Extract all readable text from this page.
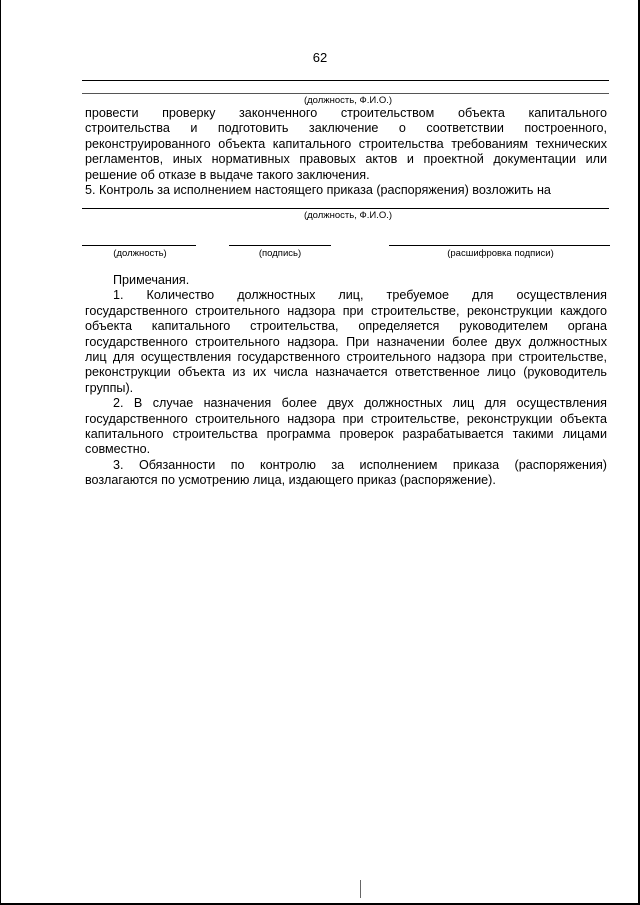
62
(должность, Ф.И.О.)

провести проверку законченного строительством объекта капитального

строительства и подготовить заключение о соответствии построенного,

реконструированного объекта капитального строительства требованиям технических

регламентов, иных нормативных правовых актов и проектной документации или

решение об отказе в выдаче такого заключения.

5. Контроль за исполнением настоящего приказа (распоряжения) возложить на

(должность, Ф.И.О.)
(должность)	(подпись)	(расшифровка подписи)

Примечания.

1. Количество должностных лиц, требуемое для осуществления

государственного строительного надзора при строительстве, реконструкции каждого

объекта капитального строительства, определяется руководителем органа

государственного строительного надзора. При назначении более двух должностных

лиц для осуществления государственного строительного надзора при строительстве,

реконструкции объекта из их числа назначается ответственное лицо (руководитель

группы).

2. В случае назначения более двух должностных лиц для осуществления

государственного строительного надзора при строительстве, реконструкции объекта

капитального строительства программа проверок разрабатывается такими лицами

совместно.

3. Обязанности по контролю за исполнением приказа (распоряжения)

возлагаются по усмотрению лица, издающего приказ (распоряжение).
